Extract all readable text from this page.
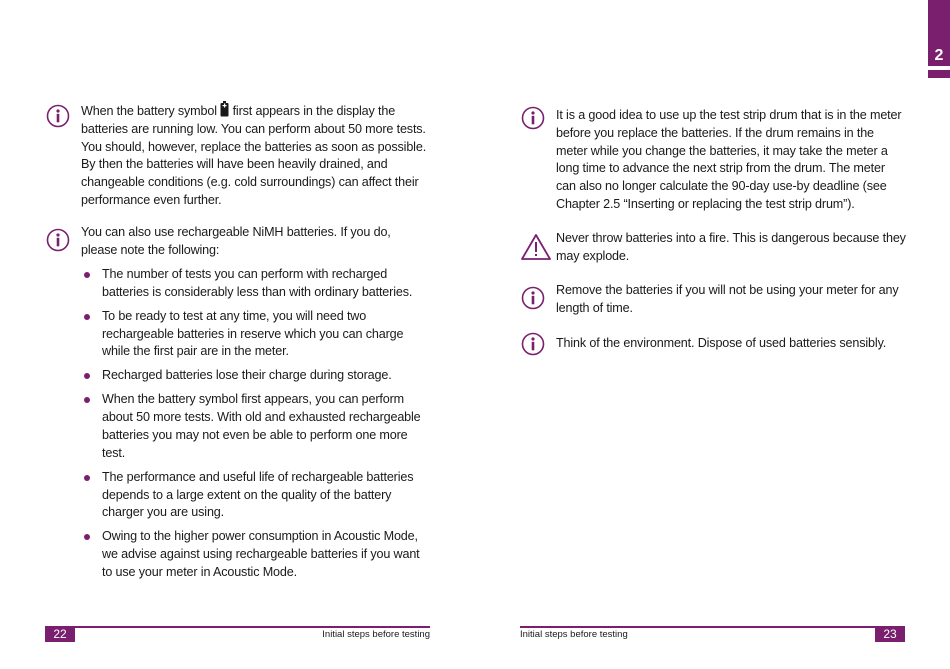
2
When the battery symbol first appears in the display the batteries are running low. You can perform about 50 more tests. You should, however, replace the batteries as soon as possible. By then the batteries will have been heavily drained, and changeable conditions (e.g. cold surroundings) can affect their performance even further.
You can also use rechargeable NiMH batteries. If you do, please note the following:
The number of tests you can perform with recharged batteries is considerably less than with ordinary batteries.
To be ready to test at any time, you will need two rechargeable batteries in reserve which you can charge while the first pair are in the meter.
Recharged batteries lose their charge during storage.
When the battery symbol first appears, you can perform about 50 more tests. With old and exhausted rechargeable batteries you may not even be able to perform one more test.
The performance and useful life of rechargeable batteries depends to a large extent on the quality of the battery charger you are using.
Owing to the higher power consumption in Acoustic Mode, we advise against using rechargeable batteries if you want to use your meter in Acoustic Mode.
22	Initial steps before testing
It is a good idea to use up the test strip drum that is in the meter before you replace the batteries. If the drum remains in the meter while you change the batteries, it may take the meter a long time to advance the next strip from the drum. The meter can also no longer calculate the 90-day use-by deadline (see Chapter 2.5 “Inserting or replacing the test strip drum”).
Never throw batteries into a fire. This is dangerous because they may explode.
Remove the batteries if you will not be using your meter for any length of time.
Think of the environment. Dispose of used batteries sensibly.
Initial steps before testing	23
